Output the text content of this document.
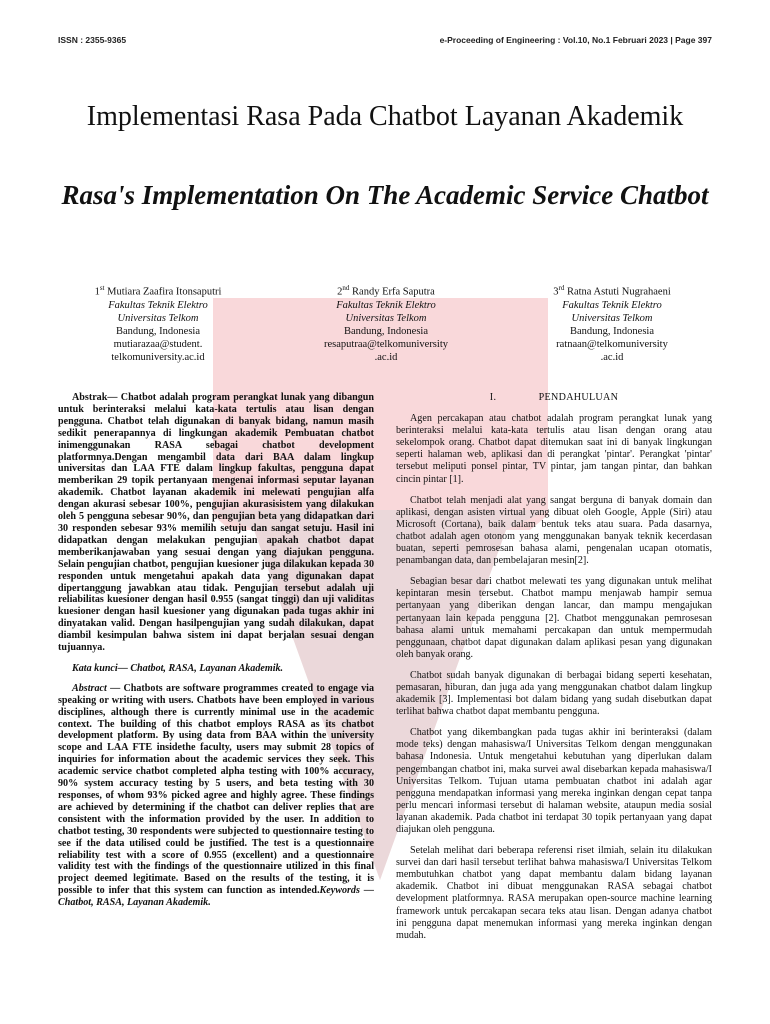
ISSN : 2355-9365	e-Proceeding of Engineering : Vol.10, No.1 Februari 2023 | Page 397
Implementasi Rasa Pada Chatbot Layanan Akademik
Rasa's Implementation On The Academic Service Chatbot
1st Mutiara Zaafira Itonsaputri
Fakultas Teknik Elektro
Universitas Telkom
Bandung, Indonesia
mutiarazaa@student.
telkomuniversity.ac.id
2nd Randy Erfa Saputra
Fakultas Teknik Elektro
Universitas Telkom
Bandung, Indonesia
resaputraa@telkomuniversity
.ac.id
3rd Ratna Astuti Nugrahaeni
Fakultas Teknik Elektro
Universitas Telkom
Bandung, Indonesia
ratnaan@telkomuniversity
.ac.id

Abstrak— Chatbot adalah program perangkat lunak yang dibangun untuk berinteraksi melalui kata-kata tertulis atau lisan dengan pengguna. Chatbot telah digunakan di banyak bidang, namun masih sedikit penerapannya di lingkungan akademik Pembuatan chatbot inimenggunakan RASA sebagai chatbot development platformnya.Dengan mengambil data dari BAA dalam lingkup universitas dan LAA FTE dalam lingkup fakultas, pengguna dapat memberikan 29 topik pertanyaan mengenai informasi seputar layanan akademik. Chatbot layanan akademik ini melewati pengujian alfa dengan akurasi sebesar 100%, pengujian akurasisistem yang dilakukan oleh 5 pengguna sebesar 90%, dan pengujian beta yang didapatkan dari 30 responden sebesar 93% memilih setuju dan sangat setuju. Hasil ini didapatkan dengan melakukan pengujian apakah chatbot dapat memberikanjawaban yang sesuai dengan yang diajukan pengguna. Selain pengujian chatbot, pengujian kuesioner juga dilakukan kepada 30 responden untuk mengetahui apakah data yang digunakan dapat dipertanggung jawabkan atau tidak. Pengujian tersebut adalah uji reliabilitas kuesioner dengan hasil 0.955 (sangat tinggi) dan uji validitas kuesioner dengan hasil kuesioner yang digunakan pada tugas akhir ini dinyatakan valid. Dengan hasilpengujian yang sudah dilakukan, dapat diambil kesimpulan bahwa sistem ini dapat berjalan sesuai dengan tujuannya.

Kata kunci— Chatbot, RASA, Layanan Akademik.

Abstract — Chatbots are software programmes created to engage via speaking or writing with users. Chatbots have been employed in various disciplines, although there is currently minimal use in the academic context. The building of this chatbot employs RASA as its chatbot development platform. By using data from BAA within the university scope and LAA FTE insidethe faculty, users may submit 28 topics of inquiries for information about the academic services they seek. This academic service chatbot completed alpha testing with 100% accuracy, 90% system accuracy testing by 5 users, and beta testing with 30 responses, of whom 93% picked agree and highly agree. These findings are achieved by determining if the chatbot can deliver replies that are consistent with the information provided by the user. In addition to chatbot testing, 30 respondents were subjected to questionnaire testing to see if the data utilised could be justified. The test is a questionnaire reliability test with a score of 0.955 (excellent) and a questionnaire validity test with the findings of the questionnaire utilized in this final project deemed legitimate. Based on the results of the testing, it is possible to infer that this system can function as intended.Keywords — Chatbot, RASA, Layanan Akademik.

I.	PENDAHULUAN

Agen percakapan atau chatbot adalah program perangkat lunak yang berinteraksi melalui kata-kata tertulis atau lisan dengan orang atau sekelompok orang. Chatbot dapat ditemukan saat ini di banyak lingkungan seperti halaman web, aplikasi dan di perangkat 'pintar'. Perangkat 'pintar' tersebut meliputi ponsel pintar, TV pintar, jam tangan pintar, dan bahkan cincin pintar [1].

Chatbot telah menjadi alat yang sangat berguna di banyak domain dan aplikasi, dengan asisten virtual yang dibuat oleh Google, Apple (Siri) atau Microsoft (Cortana), baik dalam bentuk teks atau suara. Pada dasarnya, chatbot adalah agen otonom yang menggunakan banyak teknik kecerdasan buatan, seperti pemrosesan bahasa alami, pengenalan ucapan otomatis, penambangan data, dan pembelajaran mesin[2].

Sebagian besar dari chatbot melewati tes yang digunakan untuk melihat kepintaran mesin tersebut. Chatbot mampu menjawab hampir semua pertanyaan yang diberikan dengan lancar, dan mampu mengajukan pertanyaan lain kepada pengguna [2]. Chatbot menggunakan pemrosesan bahasa alami untuk memahami percakapan dan untuk mempermudah penggunaan, chatbot dapat digunakan dalam aplikasi pesan yang digunakan oleh banyak orang.

Chatbot sudah banyak digunakan di berbagai bidang seperti kesehatan, pemasaran, hiburan, dan juga ada yang menggunakan chatbot dalam lingkup akademik [3]. Implementasi bot dalam bidang yang sudah disebutkan dapat terlihat bahwa chatbot dapat membantu pengguna.

Chatbot yang dikembangkan pada tugas akhir ini berinteraksi (dalam mode teks) dengan mahasiswa/I Universitas Telkom dengan menggunakan bahasa Indonesia. Untuk mengetahui kebutuhan yang diperlukan dalam pengembangan chatbot ini, maka survei awal disebarkan kepada mahasiswa/I Universitas Telkom. Tujuan utama pembuatan chatbot ini adalah agar pengguna mendapatkan informasi yang mereka inginkan dengan cepat tanpa perlu mencari informasi tersebut di halaman website, ataupun media sosial layanan akademik. Pada chatbot ini terdapat 30 topik pertanyaan yang dapat diajukan oleh pengguna.

Setelah melihat dari beberapa referensi riset ilmiah, selain itu dilakukan survei dan dari hasil tersebut terlihat bahwa mahasiswa/I Universitas Telkom membutuhkan chatbot yang dapat membantu dalam bidang layanan akademik. Chatbot ini dibuat menggunakan RASA sebagai chatbot development platformnya. RASA merupakan open-source machine learning framework untuk percakapan secara teks atau lisan. Dengan adanya chatbot ini pengguna dapat menemukan informasi yang mereka inginkan dengan mudah.
